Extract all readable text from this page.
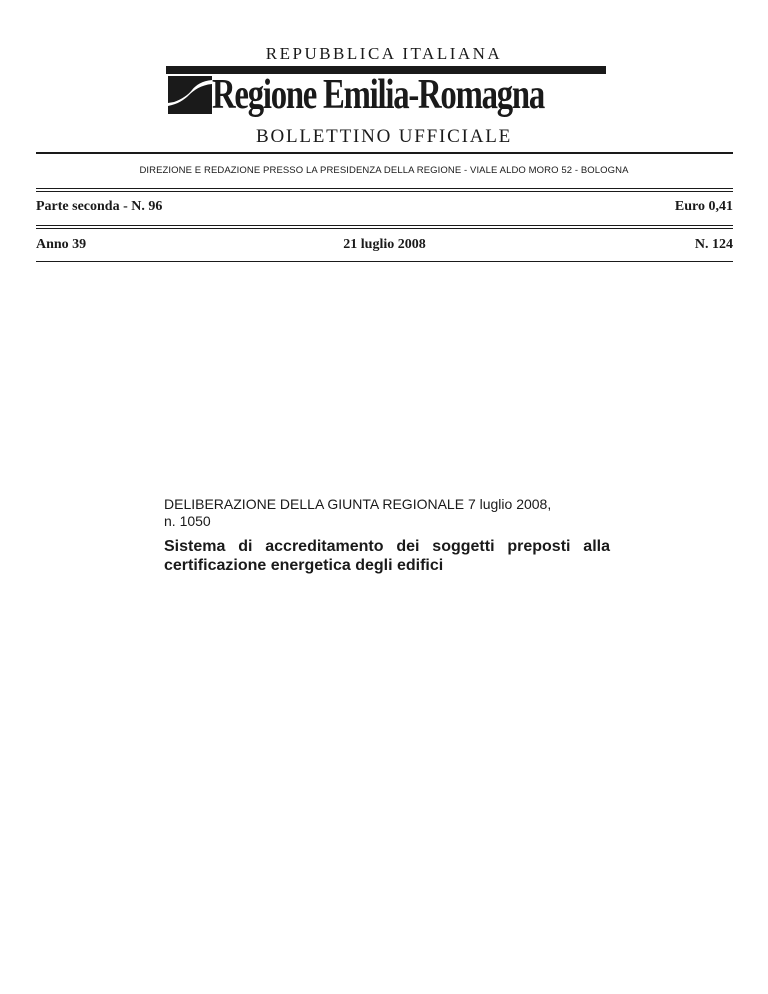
REPUBBLICA ITALIANA
Regione Emilia-Romagna
BOLLETTINO UFFICIALE
DIREZIONE E REDAZIONE PRESSO LA PRESIDENZA DELLA REGIONE - VIALE ALDO MORO 52 - BOLOGNA
Parte seconda - N. 96	Euro 0,41
Anno 39	21 luglio 2008	N. 124
DELIBERAZIONE DELLA GIUNTA REGIONALE 7 luglio 2008,
n. 1050
Sistema di accreditamento dei soggetti preposti alla certificazione energetica degli edifici
